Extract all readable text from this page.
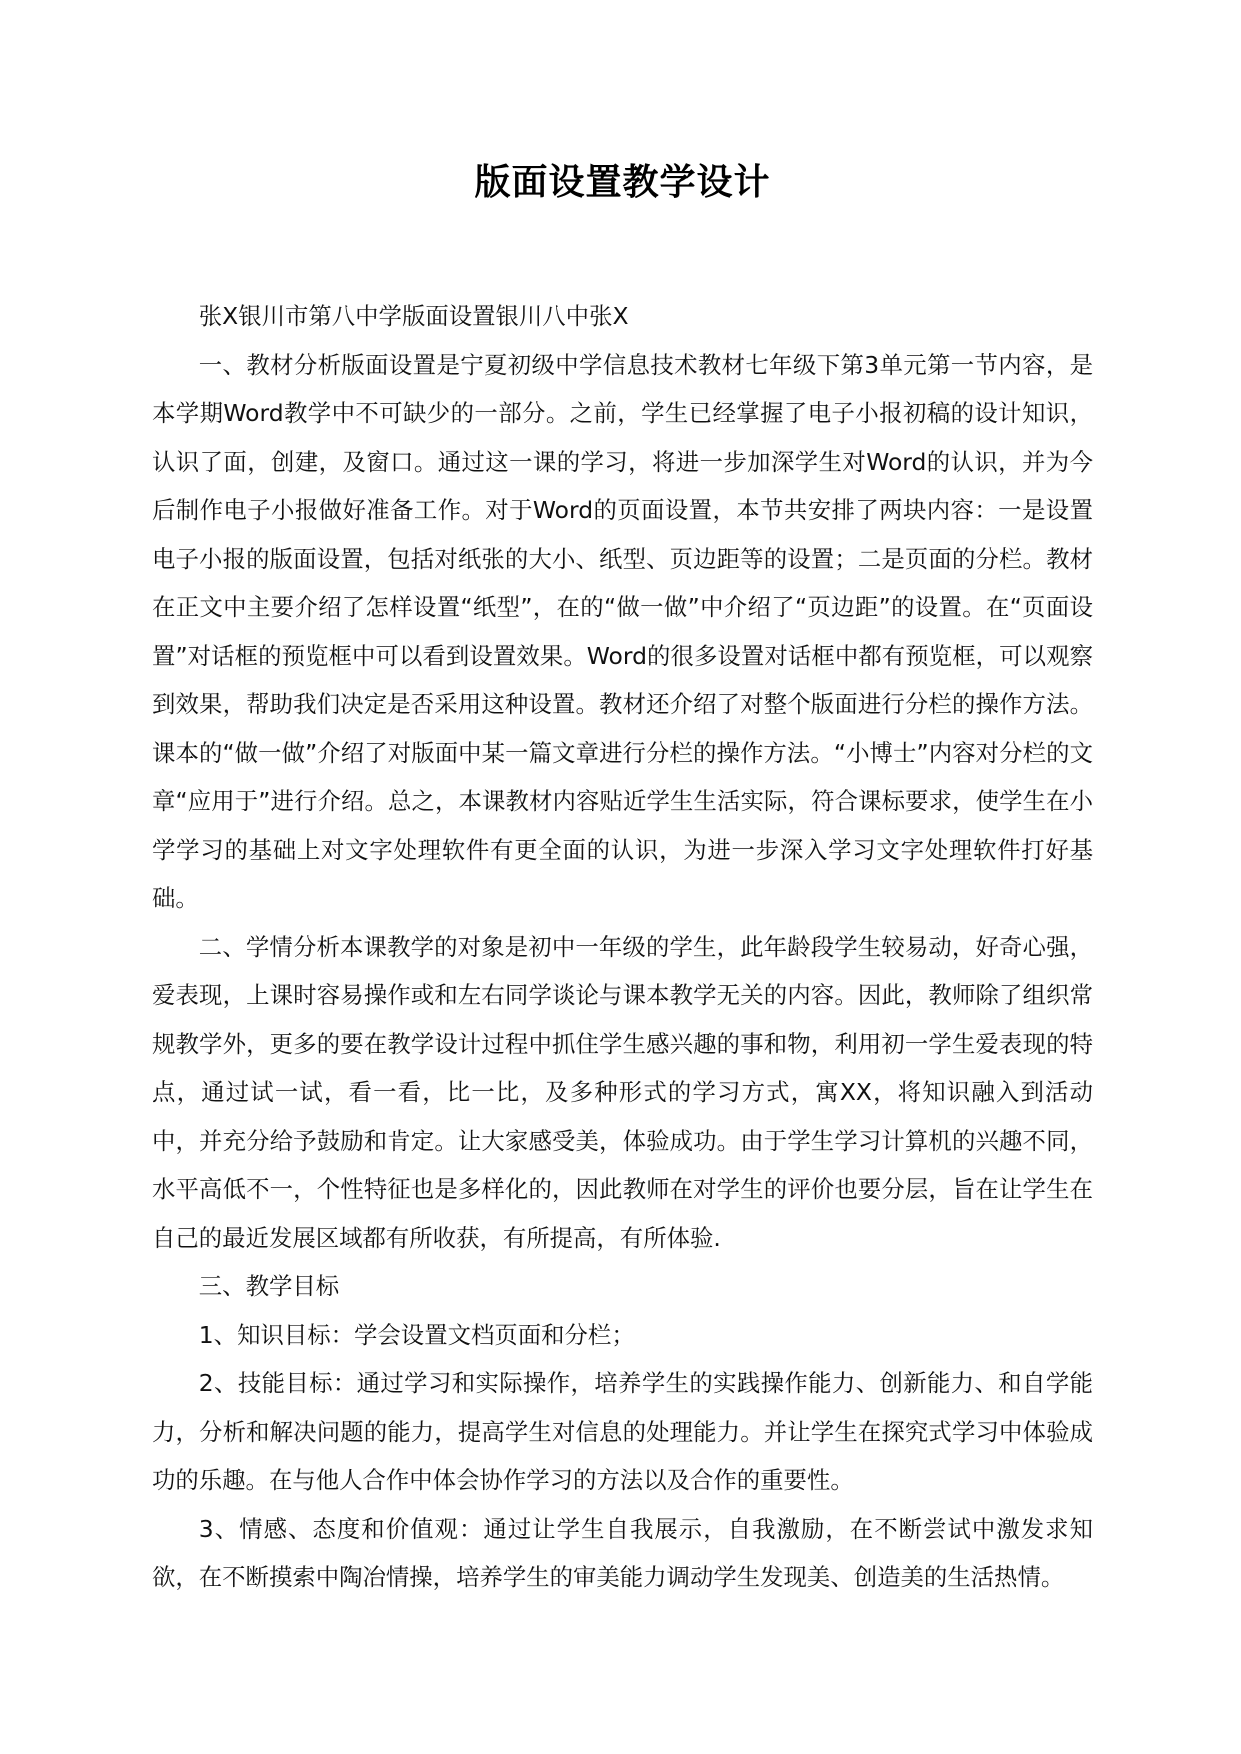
版面设置教学设计

张X银川市第八中学版面设置银川八中张X

一、教材分析版面设置是宁夏初级中学信息技术教材七年级下第3单元第一节内容，是本学期Word教学中不可缺少的一部分。之前，学生已经掌握了电子小报初稿的设计知识，认识了面，创建，及窗口。通过这一课的学习，将进一步加深学生对Word的认识，并为今后制作电子小报做好准备工作。对于Word的页面设置，本节共安排了两块内容：一是设置电子小报的版面设置，包括对纸张的大小、纸型、页边距等的设置；二是页面的分栏。教材在正文中主要介绍了怎样设置“纸型”，在的“做一做”中介绍了“页边距”的设置。在“页面设置”对话框的预览框中可以看到设置效果。Word的很多设置对话框中都有预览框，可以观察到效果，帮助我们决定是否采用这种设置。教材还介绍了对整个版面进行分栏的操作方法。课本的“做一做”介绍了对版面中某一篇文章进行分栏的操作方法。“小博士”内容对分栏的文章“应用于”进行介绍。总之，本课教材内容贴近学生生活实际，符合课标要求，使学生在小学学习的基础上对文字处理软件有更全面的认识，为进一步深入学习文字处理软件打好基础。

二、学情分析本课教学的对象是初中一年级的学生，此年龄段学生较易动，好奇心强，爱表现，上课时容易操作或和左右同学谈论与课本教学无关的内容。因此，教师除了组织常规教学外，更多的要在教学设计过程中抓住学生感兴趣的事和物，利用初一学生爱表现的特点，通过试一试，看一看，比一比，及多种形式的学习方式，寓XX，将知识融入到活动中，并充分给予鼓励和肯定。让大家感受美，体验成功。由于学生学习计算机的兴趣不同，水平高低不一，个性特征也是多样化的，因此教师在对学生的评价也要分层，旨在让学生在自己的最近发展区域都有所收获，有所提高，有所体验.

三、教学目标

1、知识目标：学会设置文档页面和分栏；

2、技能目标：通过学习和实际操作，培养学生的实践操作能力、创新能力、和自学能力，分析和解决问题的能力，提高学生对信息的处理能力。并让学生在探究式学习中体验成功的乐趣。在与他人合作中体会协作学习的方法以及合作的重要性。

3、情感、态度和价值观：通过让学生自我展示，自我激励，在不断尝试中激发求知欲，在不断摸索中陶冶情操，培养学生的审美能力调动学生发现美、创造美的生活热情。
